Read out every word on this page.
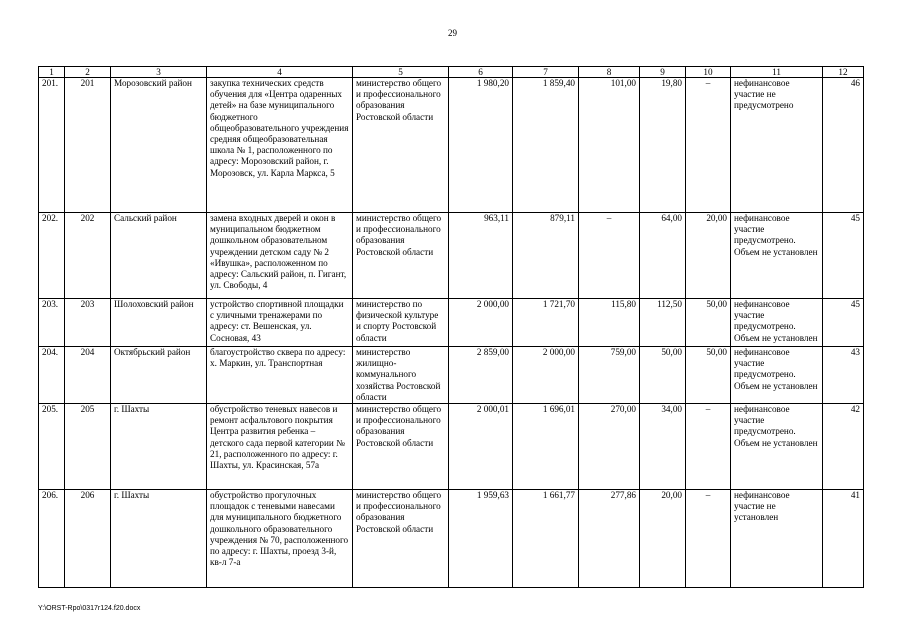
29
1	2	3	4	5	6	7	8	9	10	11	12
201.	201	Морозовский район	закупка технических средств обучения для «Центра одаренных детей» на базе муниципального бюджетного общеобразовательного учреждения средняя общеобразовательная школа № 1, расположенного по адресу: Морозовский район, г. Морозовск, ул. Карла Маркса, 5	министерство общего и профессионального образования Ростовской области	1 980,20	1 859,40	101,00	19,80	–	нефинансовое участие не предусмотрено	46
202.	202	Сальский район	замена входных дверей и окон в муниципальном бюджетном дошкольном образовательном учреждении детском саду № 2 «Ивушка», расположенном по адресу: Сальский район, п. Гигант, ул. Свободы, 4	министерство общего и профессионального образования Ростовской области	963,11	879,11	–	64,00	20,00	нефинансовое участие предусмотрено. Объем не установлен	45
203.	203	Шолоховский район	устройство спортивной площадки с уличными тренажерами по адресу: ст. Вешенская, ул. Сосновая, 43	министерство по физической культуре и спорту Ростовской области	2 000,00	1 721,70	115,80	112,50	50,00	нефинансовое участие предусмотрено. Объем не установлен	45
204.	204	Октябрьский район	благоустройство сквера по адресу: х. Маркин, ул. Транспортная	министерство жилищно-коммунального хозяйства Ростовской области	2 859,00	2 000,00	759,00	50,00	50,00	нефинансовое участие предусмотрено. Объем не установлен	43
205.	205	г. Шахты	обустройство теневых навесов и ремонт асфальтового покрытия Центра развития ребенка – детского сада первой категории № 21, расположенного по адресу: г. Шахты, ул. Красинская, 57а	министерство общего и профессионального образования Ростовской области	2 000,01	1 696,01	270,00	34,00	–	нефинансовое участие предусмотрено. Объем не установлен	42
206.	206	г. Шахты	обустройство прогулочных площадок с теневыми навесами для муниципального бюджетного дошкольного образовательного учреждения № 70, расположенного по адресу: г. Шахты, проезд 3-й, кв-л 7-а	министерство общего и профессионального образования Ростовской области	1 959,63	1 661,77	277,86	20,00	–	нефинансовое участие не установлен	41
Y:\ORST-Rpo\0317r124.f20.docx
